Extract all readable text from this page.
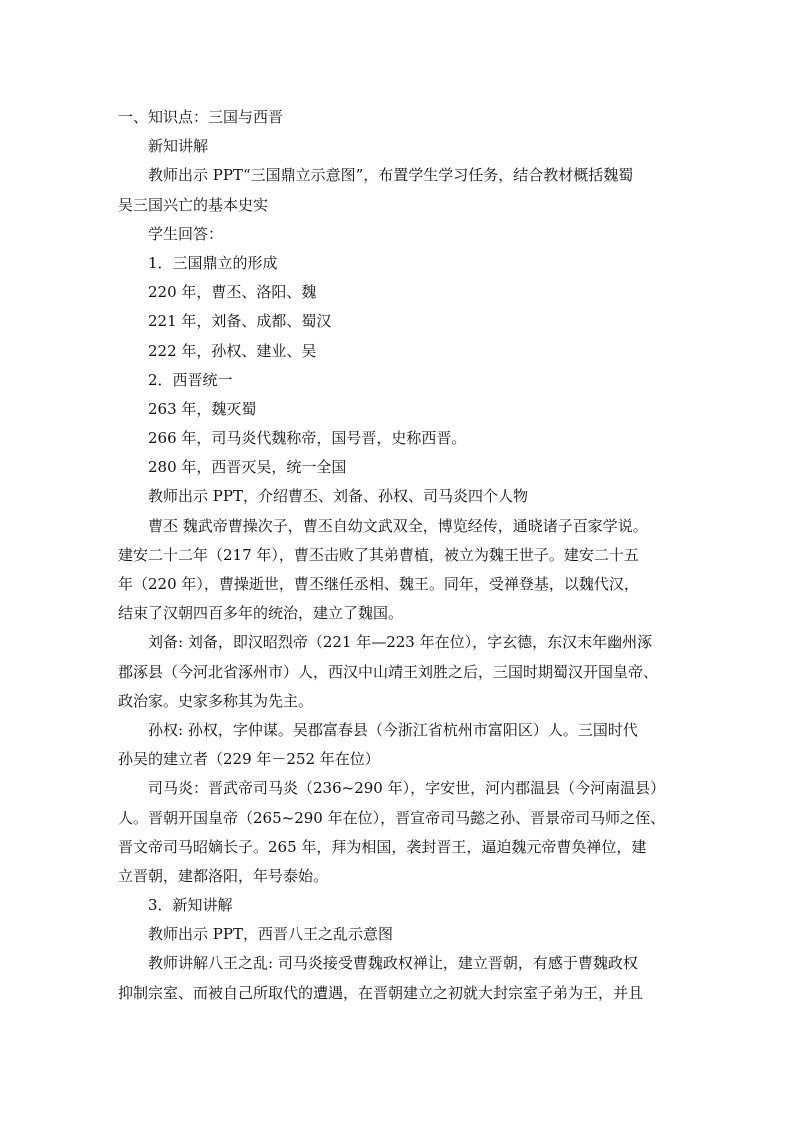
一、知识点：三国与西晋
新知讲解
教师出示 PPT“三国鼎立示意图”，布置学生学习任务，结合教材概括魏蜀
吴三国兴亡的基本史实
学生回答：
1．三国鼎立的形成
220 年，曹丕、洛阳、魏
221 年，刘备、成都、蜀汉
222 年，孙权、建业、吴
2．西晋统一
263 年，魏灭蜀
266 年，司马炎代魏称帝，国号晋，史称西晋。
280 年，西晋灭吴，统一全国
教师出示 PPT，介绍曹丕、刘备、孙权、司马炎四个人物
曹丕 魏武帝曹操次子，曹丕自幼文武双全，博览经传，通晓诸子百家学说。
建安二十二年（217 年），曹丕击败了其弟曹植，被立为魏王世子。建安二十五
年（220 年），曹操逝世，曹丕继任丞相、魏王。同年，受禅登基，以魏代汉，
结束了汉朝四百多年的统治，建立了魏国。
刘备: 刘备，即汉昭烈帝（221 年—223 年在位），字玄德，东汉末年幽州涿
郡涿县（今河北省涿州市）人，西汉中山靖王刘胜之后，三国时期蜀汉开国皇帝、
政治家。史家多称其为先主。
孙权: 孙权，字仲谋。吴郡富春县（今浙江省杭州市富阳区）人。三国时代
孙吴的建立者（229 年－252 年在位）
司马炎：晋武帝司马炎（236~290 年），字安世，河内郡温县（今河南温县）
人。晋朝开国皇帝（265~290 年在位），晋宣帝司马懿之孙、晋景帝司马师之侄、
晋文帝司马昭嫡长子。265 年，拜为相国，袭封晋王，逼迫魏元帝曹奂禅位，建
立晋朝，建都洛阳，年号泰始。
3．新知讲解
教师出示 PPT，西晋八王之乱示意图
教师讲解八王之乱: 司马炎接受曹魏政权禅让，建立晋朝，有感于曹魏政权
抑制宗室、而被自己所取代的遭遇，在晋朝建立之初就大封宗室子弟为王，并且
